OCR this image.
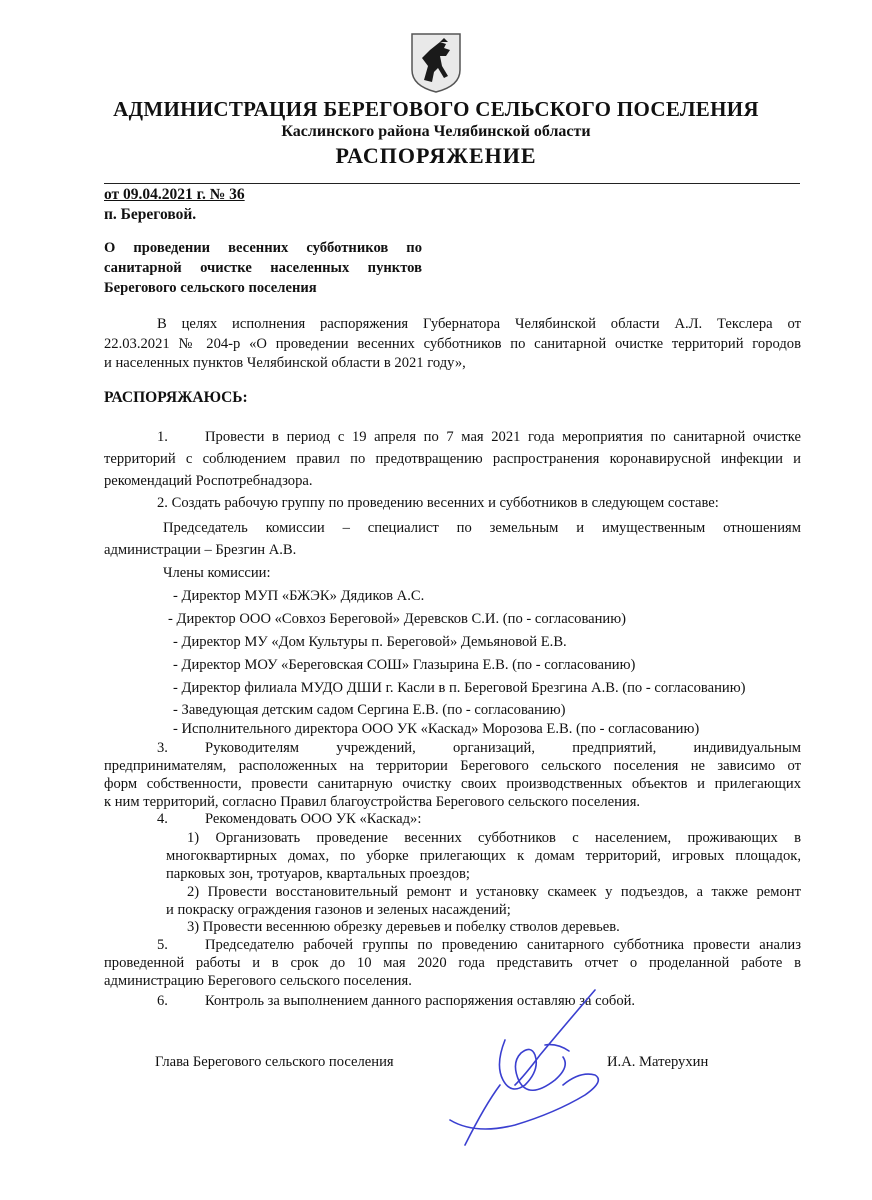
АДМИНИСТРАЦИЯ БЕРЕГОВОГО СЕЛЬСКОГО ПОСЕЛЕНИЯ
Каслинского района Челябинской области
РАСПОРЯЖЕНИЕ
от 09.04.2021 г. № 36
п. Береговой.
О проведении весенних субботников по
санитарной очистке населенных пунктов
Берегового сельского поселения
В целях исполнения распоряжения Губернатора Челябинской области А.Л. Текслера от
22.03.2021 № 204-р «О проведении весенних субботников по санитарной очистке территорий городов
и населенных пунктов Челябинской области в 2021 году»,
РАСПОРЯЖАЮСЬ:
1.	Провести в период с 19 апреля по 7 мая 2021 года мероприятия по санитарной очистке
территорий с соблюдением правил по предотвращению распространения коронавирусной инфекции и
рекомендаций Роспотребнадзора.
2. Создать рабочую группу по проведению весенних и субботников в следующем составе:
Председатель комиссии – специалист по земельным и имущественным отношениям
администрации – Брезгин А.В.
Члены комиссии:
- Директор МУП «БЖЭК» Дядиков А.С.
- Директор ООО «Совхоз Береговой» Деревсков С.И. (по - согласованию)
- Директор МУ «Дом Культуры п. Береговой» Демьяновой Е.В.
- Директор МОУ «Береговская СОШ» Глазырина Е.В. (по - согласованию)
- Директор филиала МУДО ДШИ г. Касли в п. Береговой Брезгина А.В. (по - согласованию)
- Заведующая детским садом Сергина Е.В. (по - согласованию)
- Исполнительного директора ООО УК «Каскад» Морозова Е.В. (по - согласованию)
3.	Руководителям учреждений, организаций, предприятий, индивидуальным
предпринимателям, расположенных на территории Берегового сельского поселения не зависимо от
форм собственности, провести санитарную очистку своих производственных объектов и прилегающих
к ним территорий, согласно Правил благоустройства Берегового сельского поселения.
4.	Рекомендовать ООО УК «Каскад»:
1) Организовать проведение весенних субботников с населением, проживающих в
многоквартирных домах, по уборке прилегающих к домам территорий, игровых площадок,
парковых зон, тротуаров, квартальных проездов;
2) Провести восстановительный ремонт и установку скамеек у подъездов, а также ремонт
и покраску ограждения газонов и зеленых насаждений;
3) Провести весеннюю обрезку деревьев и побелку стволов деревьев.
5.	Председателю рабочей группы по проведению санитарного субботника провести анализ
проведенной работы и в срок до 10 мая 2020 года представить отчет о проделанной работе в
администрацию Берегового сельского поселения.
6.	Контроль за выполнением данного распоряжения оставляю за собой.
Глава Берегового сельского поселения	И.А. Матерухин
